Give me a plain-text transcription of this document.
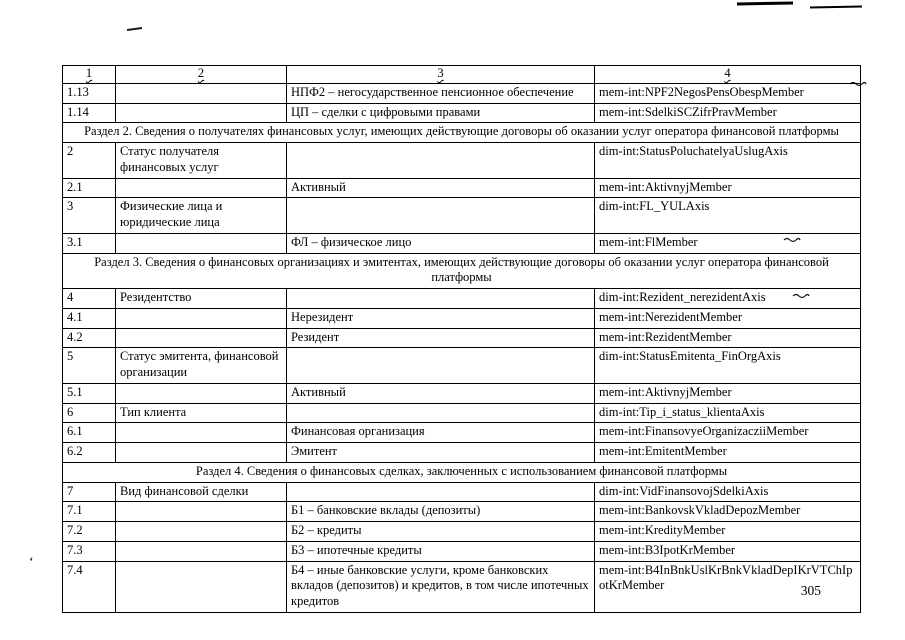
‘
1	2	3	4
1.13		НПФ2 – негосударственное пенсионное обеспечение	mem-int:NPF2NegosPensObespMember
1.14		ЦП – сделки с цифровыми правами	mem-int:SdelkiSCZifrPravMember
Раздел 2. Сведения о получателях финансовых услуг, имеющих действующие договоры об оказании услуг оператора финансовой платформы			
2	Статус получателя финансовых услуг		dim-int:StatusPoluchatelyaUslugAxis
2.1		Активный	mem-int:AktivnyjMember
3	Физические лица и юридические лица		dim-int:FL_YULAxis
3.1		ФЛ – физическое лицо	mem-int:FlMember
Раздел 3. Сведения о финансовых организациях и эмитентах, имеющих действующие договоры об оказании услуг оператора финансовой платформы			
4	Резидентство		dim-int:Rezident_nerezidentAxis
4.1		Нерезидент	mem-int:NerezidentMember
4.2		Резидент	mem-int:RezidentMember
5	Статус эмитента, финансовой организации		dim-int:StatusEmitenta_FinOrgAxis
5.1		Активный	mem-int:AktivnyjMember
6	Тип клиента		dim-int:Tip_i_status_klientaAxis
6.1		Финансовая организация	mem-int:FinansovyeOrganizacziiMember
6.2		Эмитент	mem-int:EmitentMember
Раздел 4. Сведения о финансовых сделках, заключенных с использованием финансовой платформы			
7	Вид финансовой сделки		dim-int:VidFinansovojSdelkiAxis
7.1		Б1 – банковские вклады (депозиты)	mem-int:BankovskVkladDepozMember
7.2		Б2 – кредиты	mem-int:KredityMember
7.3		Б3 – ипотечные кредиты	mem-int:B3IpotKrMember
7.4		Б4 – иные банковские услуги, кроме банковских вкладов (депозитов) и кредитов, в том числе ипотечных кредитов	mem-int:B4InBnkUslKrBnkVkladDepIKrVTChIpotKrMember	305
